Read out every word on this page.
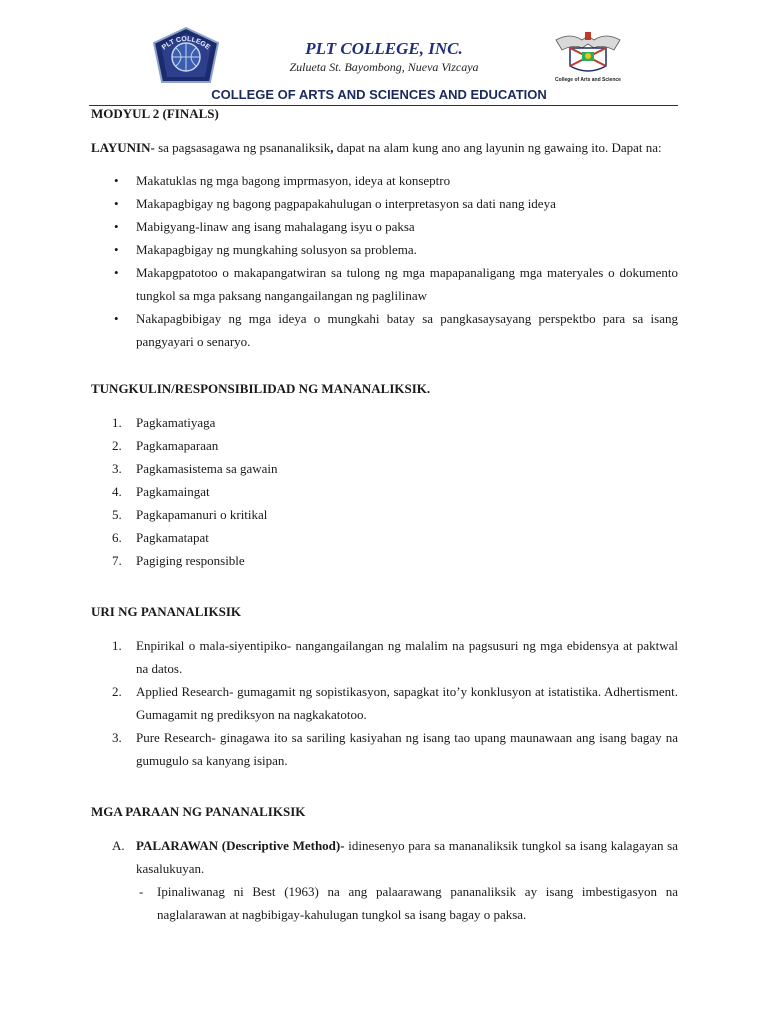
PLT COLLEGE	PLT COLLEGE, INC.
Zulueta St. Bayombong, Nueva Vizcaya
College of Arts and Science
COLLEGE OF ARTS AND SCIENCES AND EDUCATION

MODYUL 2 (FINALS)

LAYUNIN- sa pagsasagawa ng psananaliksik, dapat na alam kung ano ang layunin ng gawaing ito. Dapat na:

• Makatuklas ng mga bagong imprmasyon, ideya at konseptro
• Makapagbigay ng bagong pagpapakahulugan o interpretasyon sa dati nang ideya
• Mabigyang-linaw ang isang mahalagang isyu o paksa
• Makapagbigay ng mungkahing solusyon sa problema.
• Makapgpatotoo o makapangatwiran sa tulong ng mga mapapanaligang mga materyales o dokumento tungkol sa mga paksang nangangailangan ng paglilinaw
• Nakapagbibigay ng mga ideya o mungkahi batay sa pangkasaysayang perspektbo para sa isang pangyayari o senaryo.

TUNGKULIN/RESPONSIBILIDAD NG MANANALIKSIK.

1. Pagkamatiyaga
2. Pagkamaparaan
3. Pagkamasistema sa gawain
4. Pagkamaingat
5. Pagkapamanuri o kritikal
6. Pagkamatapat
7. Pagiging responsible

URI NG PANANALIKSIK

1. Enpirikal o mala-siyentipiko- nangangailangan ng malalim na pagsusuri ng mga ebidensya at paktwal na datos.
2. Applied Research- gumagamit ng sopistikasyon, sapagkat ito’y konklusyon at istatistika. Adhertisment. Gumagamit ng prediksyon na nagkakatotoo.
3. Pure Research- ginagawa ito sa sariling kasiyahan ng isang tao upang maunawaan ang isang bagay na gumugulo sa kanyang isipan.

MGA PARAAN NG PANANALIKSIK

A. PALARAWAN (Descriptive Method)- idinesenyo para sa mananaliksik tungkol sa isang kalagayan sa kasalukuyan.
- Ipinaliwanag ni Best (1963) na ang palaarawang pananaliksik ay isang imbestigasyon na naglalarawan at nagbibigay-kahulugan tungkol sa isang bagay o paksa.
